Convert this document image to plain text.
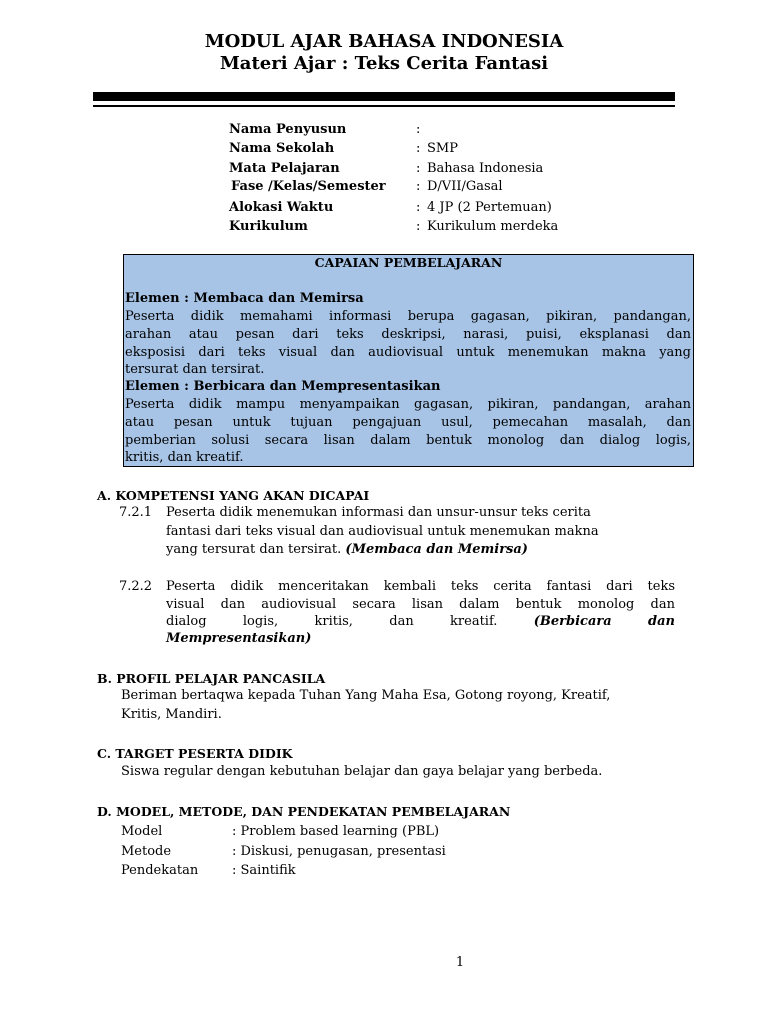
MODUL AJAR BAHASA INDONESIA
Materi Ajar : Teks Cerita Fantasi
Nama Penyusun	:
Nama Sekolah	: SMP
Mata Pelajaran	: Bahasa Indonesia
Fase /Kelas/Semester : D/VII/Gasal
Alokasi Waktu	: 4 JP (2 Pertemuan)
Kurikulum	: Kurikulum merdeka
CAPAIAN PEMBELAJARAN
Elemen : Membaca dan Memirsa
Peserta didik memahami informasi berupa gagasan, pikiran, pandangan,
arahan atau pesan dari teks deskripsi, narasi, puisi, eksplanasi dan
eksposisi dari teks visual dan audiovisual untuk menemukan makna yang
tersurat dan tersirat.
Elemen : Berbicara dan Mempresentasikan
Peserta didik mampu menyampaikan gagasan, pikiran, pandangan, arahan
atau pesan untuk tujuan pengajuan usul, pemecahan masalah, dan
pemberian solusi secara lisan dalam bentuk monolog dan dialog logis,
kritis, dan kreatif.
A. KOMPETENSI YANG AKAN DICAPAI
7.2.1 Peserta didik menemukan informasi dan unsur-unsur teks cerita
fantasi dari teks visual dan audiovisual untuk menemukan makna
yang tersurat dan tersirat. (Membaca dan Memirsa)
7.2.2 Peserta didik menceritakan kembali teks cerita fantasi dari teks
visual dan audiovisual secara lisan dalam bentuk monolog dan
dialog	logis,	kritis,	dan	kreatif.	(Berbicara	dan
Mempresentasikan)
B. PROFIL PELAJAR PANCASILA
Beriman bertaqwa kepada Tuhan Yang Maha Esa, Gotong royong, Kreatif,
Kritis, Mandiri.
C. TARGET PESERTA DIDIK
Siswa regular dengan kebutuhan belajar dan gaya belajar yang berbeda.
D. MODEL, METODE, DAN PENDEKATAN PEMBELAJARAN
Model	: Problem based learning (PBL)
Metode	: Diskusi, penugasan, presentasi
Pendekatan	: Saintifik
1
